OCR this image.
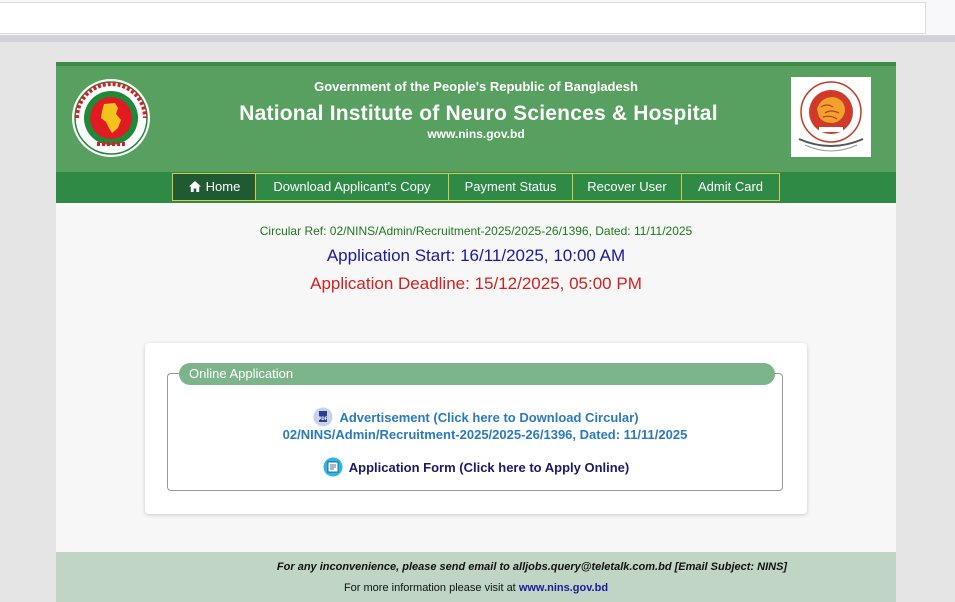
Government of the People's Republic of Bangladesh
National Institute of Neuro Sciences & Hospital
www.nins.gov.bd
Home	Download Applicant's Copy	Payment Status	Recover User	Admit Card
Circular Ref: 02/NINS/Admin/Recruitment-2025/2025-26/1396, Dated: 11/11/2025
Application Start: 16/11/2025, 10:00 AM
Application Deadline: 15/12/2025, 05:00 PM
Online Application
PDF Advertisement (Click here to Download Circular)
02/NINS/Admin/Recruitment-2025/2025-26/1396, Dated: 11/11/2025
Application Form (Click here to Apply Online)
For any inconvenience, please send email to alljobs.query@teletalk.com.bd [Email Subject: NINS]
For more information please visit at www.nins.gov.bd
